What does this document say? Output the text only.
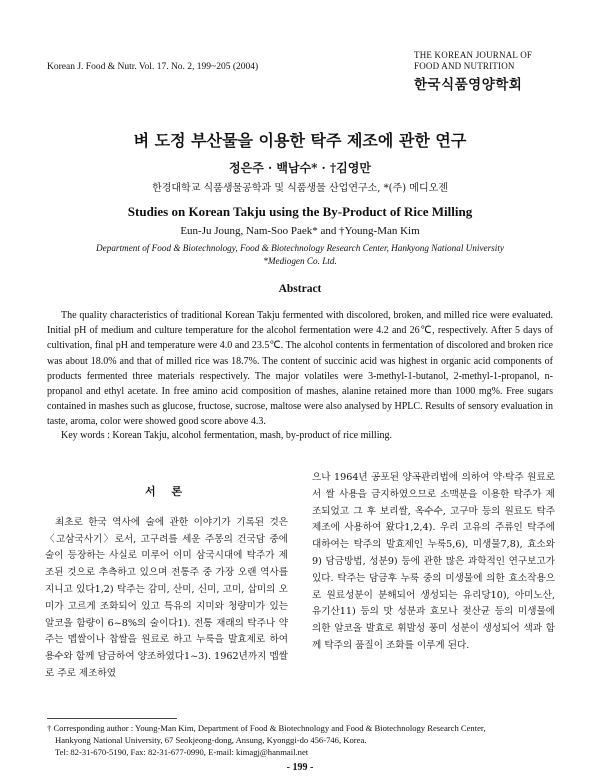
Korean J. Food & Nutr. Vol. 17. No. 2, 199~205 (2004)
THE KOREAN JOURNAL OF
FOOD AND NUTRITION
한국식품영양학회
벼 도정 부산물을 이용한 탁주 제조에 관한 연구
정은주 · 백남수* · †김영만
한경대학교 식품생물공학과 및 식품생물 산업연구소, *(주) 메디오젠
Studies on Korean Takju using the By-Product of Rice Milling
Eun-Ju Joung, Nam-Soo Paek* and †Young-Man Kim
Department of Food & Biotechnology, Food & Biotechnology Research Center, Hankyong National University
*Mediogen Co. Ltd.
Abstract
The quality characteristics of traditional Korean Takju fermented with discolored, broken, and milled rice were evaluated. Initial pH of medium and culture temperature for the alcohol fermentation were 4.2 and 26℃, respectively. After 5 days of cultivation, final pH and temperature were 4.0 and 23.5℃. The alcohol contents in fermentation of discolored and broken rice was about 18.0% and that of milled rice was 18.7%. The content of succinic acid was highest in organic acid components of products fermented three materials respectively. The major volatiles were 3-methyl-1-butanol, 2-methyl-1-propanol, n-propanol and ethyl acetate. In free amino acid composition of mashes, alanine retained more than 1000 mg%. Free sugars contained in mashes such as glucose, fructose, sucrose, maltose were also analysed by HPLC. Results of sensory evaluation in taste, aroma, color were showed good score above 4.3.
Key words : Korean Takju, alcohol fermentation, mash, by-product of rice milling.
서 론

최초로 한국 역사에 술에 관한 이야기가 기록된 것은 〈고삼국사기〉로서, 고구려를 세운 주몽의 건국담 중에 술이 등장하는 사실로 미루어 이미 삼국시대에 탁주가 제조된 것으로 추측하고 있으며 전통주 중 가장 오랜 역사를 지니고 있다1,2) 탁주는 감미, 산미, 신미, 고미, 삽미의 오미가 고르게 조화되어 있고 특유의 지미와 청량미가 있는 알코올 함량이 6~8%의 술이다1). 전통 재래의 탁주나 약주는 멥쌀이나 찹쌀을 원료로 하고 누룩을 발효제로 하여 용수와 함께 담금하여 양조하였다1~3). 1962년까지 멥쌀로 주로 제조하였

으나 1964년 공포된 양곡관리법에 의하여 약·탁주 원료로서 쌀 사용을 금지하였으므로 소맥분을 이용한 탁주가 제조되었고 그 후 보리쌀, 옥수수, 고구마 등의 원료도 탁주 제조에 사용하여 왔다1,2,4). 우리 고유의 주류인 탁주에 대하여는 탁주의 발효제인 누룩5,6), 미생물7,8), 효소와9) 담금방법, 성분9) 등에 관한 많은 과학적인 연구보고가 있다. 탁주는 담금후 누룩 중의 미생물에 의한 효소작용으로 원료성분이 분해되어 생성되는 유리당10), 아미노산, 유기산11) 등의 맛 성분과 효모나 젖산균 등의 미생물에 의한 알코올 발효로 휘발성 풍미 성분이 생성되어 색과 함께 탁주의 품질이 조화를 이루게 된다.

† Corresponding author : Young-Man Kim, Department of Food & Biotechnology and Food & Biotechnology Research Center,
Hankyong National University, 67 Seokjeong-dong, Ansung, Kyonggi-do 456-746, Korea.
Tel: 82-31-670-5190, Fax: 82-31-677-0990, E-mail: kimagj@hanmail.net
- 199 -
